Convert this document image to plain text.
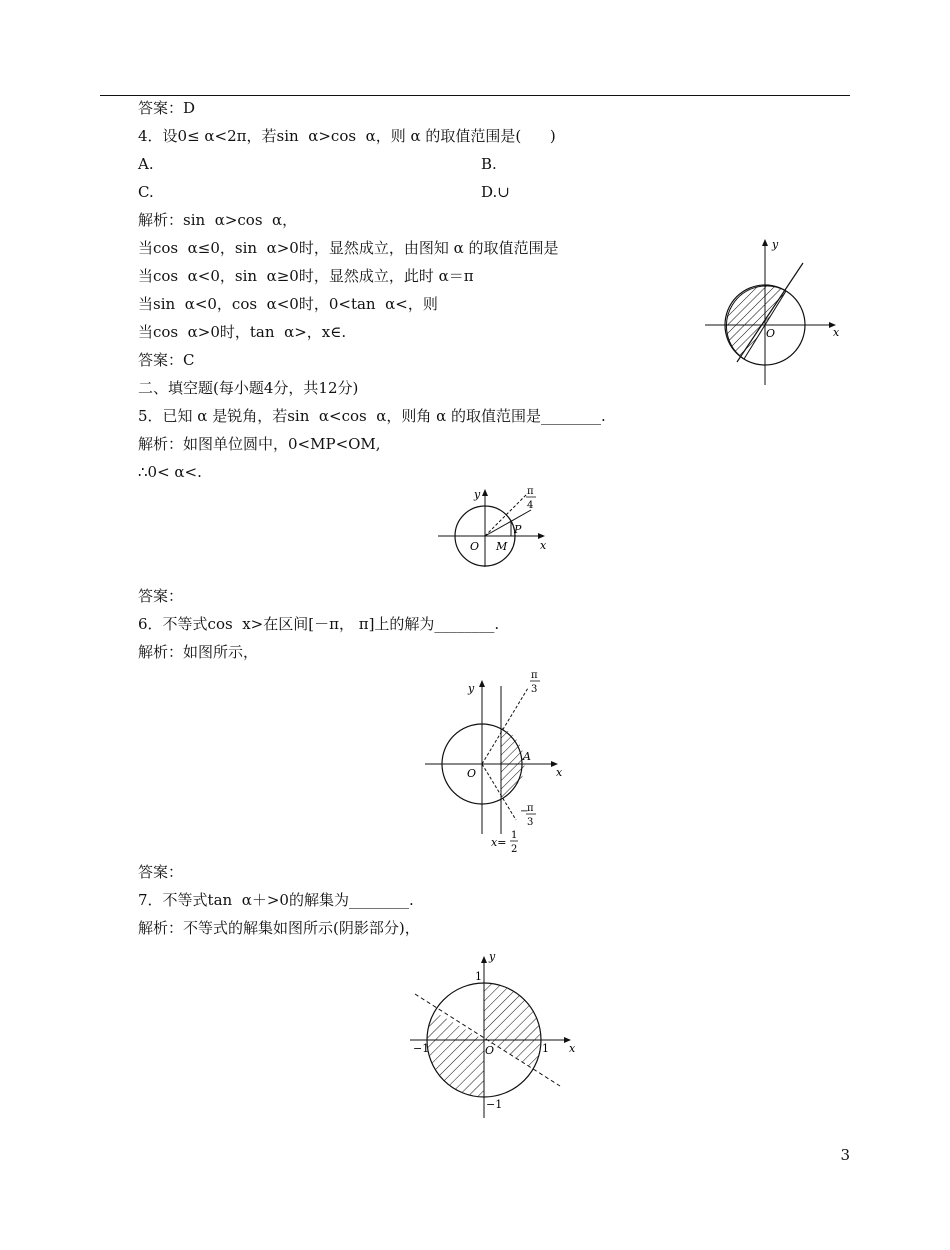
答案：D
4．设0≤ α<2π，若sin  α>cos  α，则 α 的取值范围是(      )
A.	B.
C.	D.∪
解析：sin  α>cos  α，
当cos  α≤0，sin  α>0时，显然成立，由图知 α 的取值范围是
当cos  α<0，sin  α≥0时，显然成立，此时 α＝π
当sin  α<0，cos  α<0时，0<tan  α<，则
当cos  α>0时，tan  α>，x∈.
答案：C
二、填空题(每小题4分，共12分)
5．已知 α 是锐角，若sin  α<cos  α，则角 α 的取值范围是________.
解析：如图单位圆中，0<MP<OM,
∴0< α<.
答案：
6．不等式cos  x>在区间[－π， π]上的解为________.
解析：如图所示，
答案：
7．不等式tan  α＋>0的解集为________.
解析：不等式的解集如图所示(阴影部分)，
y
x
O
y
x
O
P
M
π
4
y
x
O
A
π
3
−
π
3
x=
1
2
y
x
O
1
−1
1
−1
3
